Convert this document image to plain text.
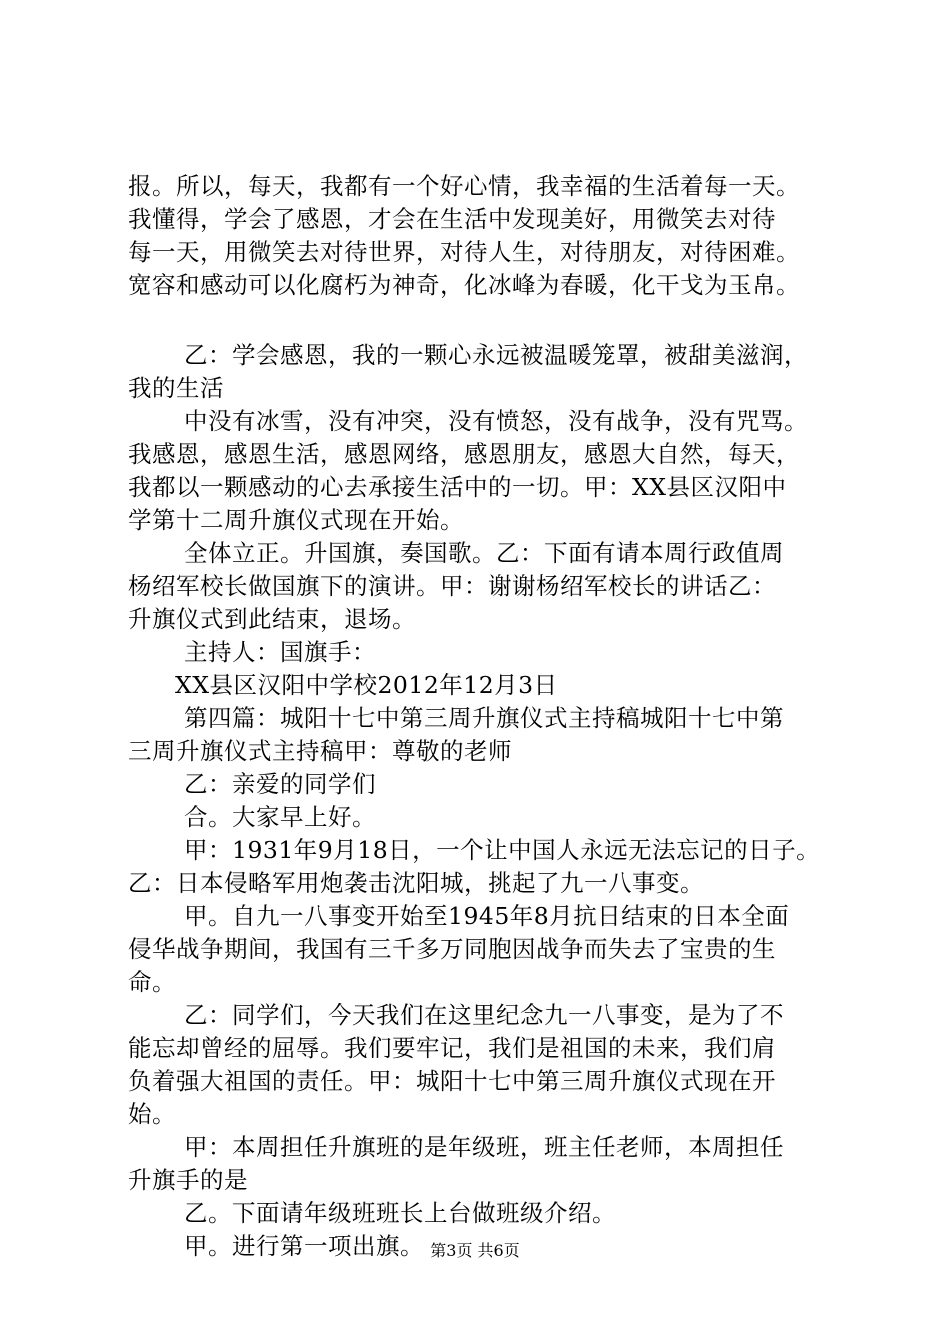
报。所以，每天，我都有一个好心情，我幸福的生活着每一天。
我懂得，学会了感恩，才会在生活中发现美好，用微笑去对待
每一天，用微笑去对待世界，对待人生，对待朋友，对待困难。
宽容和感动可以化腐朽为神奇，化冰峰为春暖，化干戈为玉帛。
乙：学会感恩，我的一颗心永远被温暖笼罩，被甜美滋润，
我的生活
中没有冰雪，没有冲突，没有愤怒，没有战争，没有咒骂。
我感恩，感恩生活，感恩网络，感恩朋友，感恩大自然，每天，
我都以一颗感动的心去承接生活中的一切。甲：XX县区汉阳中
学第十二周升旗仪式现在开始。
全体立正。升国旗，奏国歌。乙：下面有请本周行政值周
杨绍军校长做国旗下的演讲。甲：谢谢杨绍军校长的讲话乙：
升旗仪式到此结束，退场。
主持人：国旗手：
XX县区汉阳中学校2012年12月3日
第四篇：城阳十七中第三周升旗仪式主持稿城阳十七中第
三周升旗仪式主持稿甲：尊敬的老师
乙：亲爱的同学们
合。大家早上好。
甲：1931年9月18日，一个让中国人永远无法忘记的日子。
乙：日本侵略军用炮袭击沈阳城，挑起了九一八事变。
甲。自九一八事变开始至1945年8月抗日结束的日本全面
侵华战争期间，我国有三千多万同胞因战争而失去了宝贵的生
命。
乙：同学们，今天我们在这里纪念九一八事变，是为了不
能忘却曾经的屈辱。我们要牢记，我们是祖国的未来，我们肩
负着强大祖国的责任。甲：城阳十七中第三周升旗仪式现在开
始。
甲：本周担任升旗班的是年级班，班主任老师，本周担任
升旗手的是
乙。下面请年级班班长上台做班级介绍。
甲。进行第一项出旗。 第3页 共6页
